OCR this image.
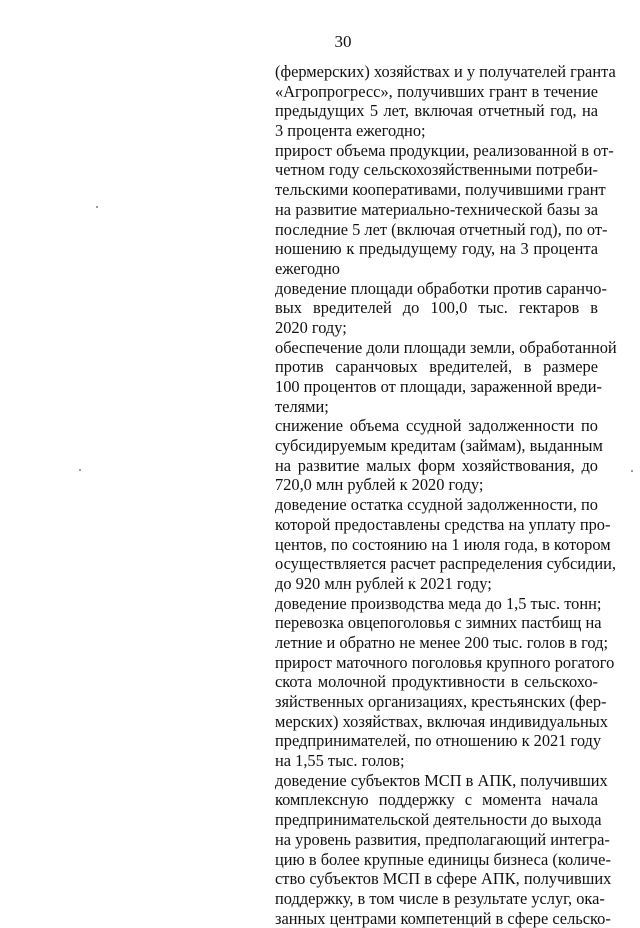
30
(фермерских) хозяйствах и у получателей гранта
«Агропрогресс», получивших грант в течение
предыдущих 5 лет, включая отчетный год, на
3 процента ежегодно;
прирост объема продукции, реализованной в от-
четном году сельскохозяйственными потреби-
тельскими кооперативами, получившими грант
на развитие материально-технической базы за
последние 5 лет (включая отчетный год), по от-
ношению к предыдущему году, на 3 процента
ежегодно
доведение площади обработки против саранчо-
вых вредителей до 100,0 тыс. гектаров в
2020 году;
обеспечение доли площади земли, обработанной
против саранчовых вредителей, в размере
100 процентов от площади, зараженной вреди-
телями;
снижение объема ссудной задолженности по
субсидируемым кредитам (займам), выданным
на развитие малых форм хозяйствования, до
720,0 млн рублей к 2020 году;
доведение остатка ссудной задолженности, по
которой предоставлены средства на уплату про-
центов, по состоянию на 1 июля года, в котором
осуществляется расчет распределения субсидии,
до 920 млн рублей к 2021 году;
доведение производства меда до 1,5 тыс. тонн;
перевозка овцепоголовья с зимних пастбищ на
летние и обратно не менее 200 тыс. голов в год;
прирост маточного поголовья крупного рогатого
скота молочной продуктивности в сельскохо-
зяйственных организациях, крестьянских (фер-
мерских) хозяйствах, включая индивидуальных
предпринимателей, по отношению к 2021 году
на 1,55 тыс. голов;
доведение субъектов МСП в АПК, получивших
комплексную поддержку с момента начала
предпринимательской деятельности до выхода
на уровень развития, предполагающий интегра-
цию в более крупные единицы бизнеса (количе-
ство субъектов МСП в сфере АПК, получивших
поддержку, в том числе в результате услуг, ока-
занных центрами компетенций в сфере сельско-
